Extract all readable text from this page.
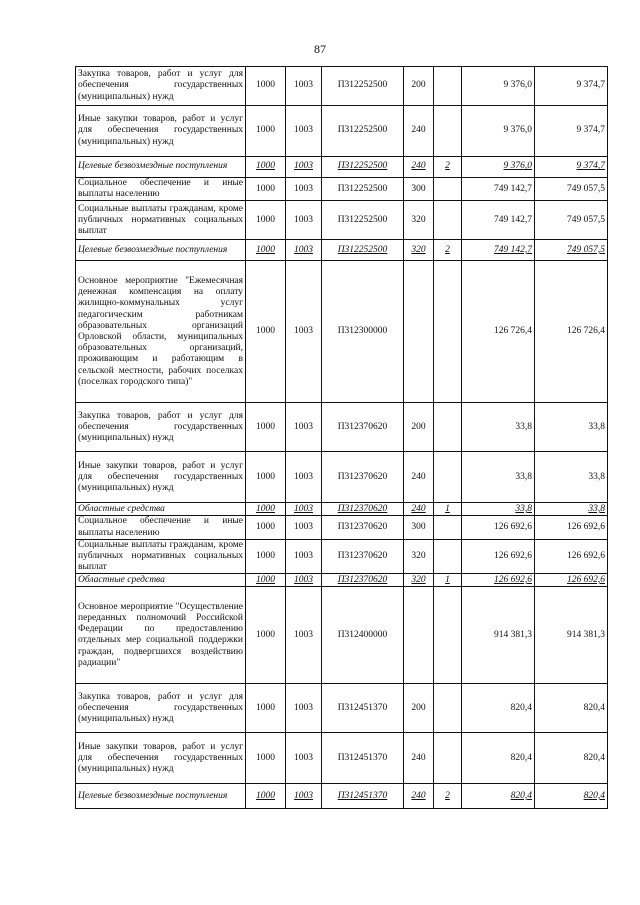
87
Закупка товаров, работ и услуг для обеспечения государственных (муниципальных) нужд	1000	1003	П312252500	200		9 376,0	9 374,7
Иные закупки товаров, работ и услуг для обеспечения государственных (муниципальных) нужд	1000	1003	П312252500	240		9 376,0	9 374,7
Целевые безвозмездные поступления	1000	1003	П312252500	240	2	9 376,0	9 374,7
Социальное обеспечение и иные выплаты населению	1000	1003	П312252500	300		749 142,7	749 057,5
Социальные выплаты гражданам, кроме публичных нормативных социальных выплат	1000	1003	П312252500	320		749 142,7	749 057,5
Целевые безвозмездные поступления	1000	1003	П312252500	320	2	749 142,7	749 057,5
Основное мероприятие "Ежемесячная денежная компенсация на оплату жилищно-коммунальных услуг педагогическим работникам образовательных организаций Орловской области, муниципальных образовательных организаций, проживающим и работающим в сельской местности, рабочих поселках (поселках городского типа)"	1000	1003	П312300000			126 726,4	126 726,4
Закупка товаров, работ и услуг для обеспечения государственных (муниципальных) нужд	1000	1003	П312370620	200		33,8	33,8
Иные закупки товаров, работ и услуг для обеспечения государственных (муниципальных) нужд	1000	1003	П312370620	240		33,8	33,8
Областные средства	1000	1003	П312370620	240	1	33,8	33,8
Социальное обеспечение и иные выплаты населению	1000	1003	П312370620	300		126 692,6	126 692,6
Социальные выплаты гражданам, кроме публичных нормативных социальных выплат	1000	1003	П312370620	320		126 692,6	126 692,6
Областные средства	1000	1003	П312370620	320	1	126 692,6	126 692,6
Основное мероприятие "Осуществление переданных полномочий Российской Федерации по предоставлению отдельных мер социальной поддержки граждан, подвергшихся воздействию радиации"	1000	1003	П312400000			914 381,3	914 381,3
Закупка товаров, работ и услуг для обеспечения государственных (муниципальных) нужд	1000	1003	П312451370	200		820,4	820,4
Иные закупки товаров, работ и услуг для обеспечения государственных (муниципальных) нужд	1000	1003	П312451370	240		820,4	820,4
Целевые безвозмездные поступления	1000	1003	П312451370	240	2	820,4	820,4
